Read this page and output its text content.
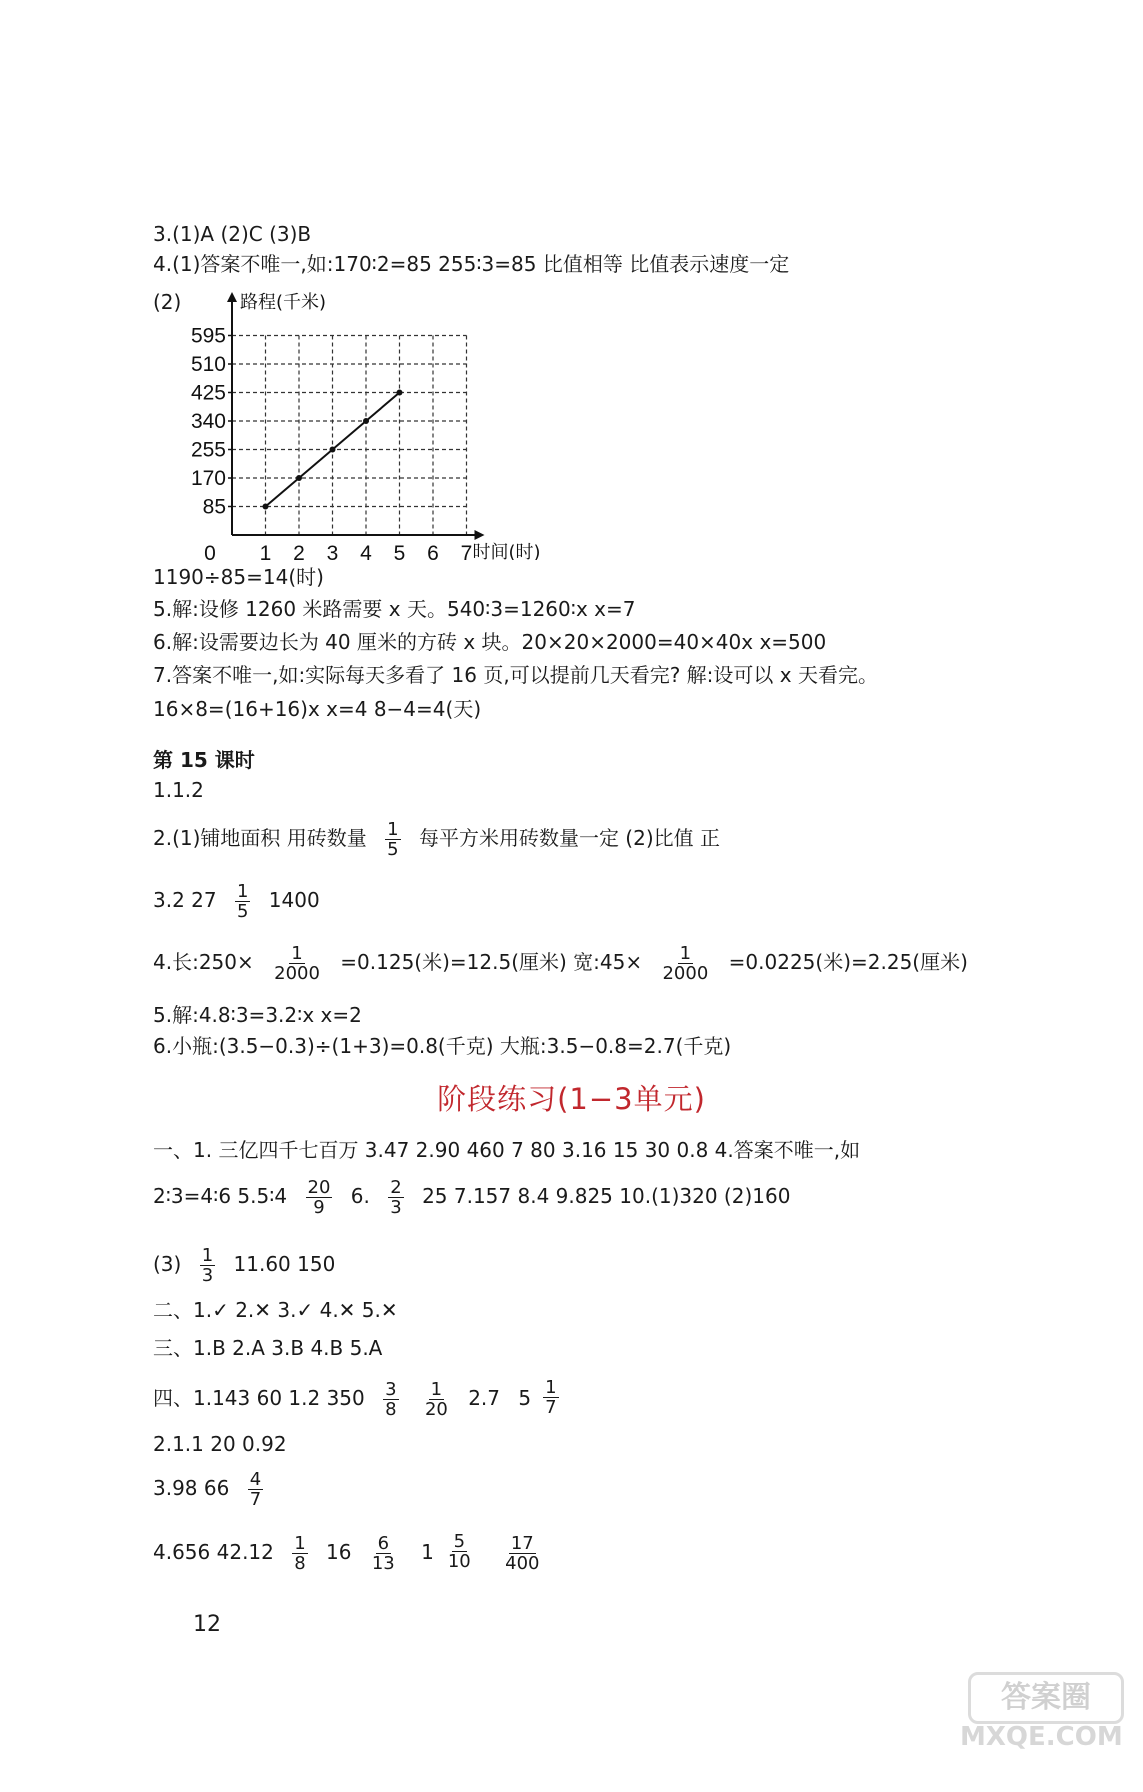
3.(1)A (2)C (3)B
4.(1)答案不唯一,如:170∶2=85 255∶3=85 比值相等 比值表示速度一定
(2)
85
170
255
340
425
510
595
0 1 2 3 4 5 6 7
路程(千米)
时间(时)
1190÷85=14(时)
5.解:设修 1260 米路需要 x 天。540∶3=1260∶x x=7
6.解:设需要边长为 40 厘米的方砖 x 块。20×20×2000=40×40x x=500
7.答案不唯一,如:实际每天多看了 16 页,可以提前几天看完? 解:设可以 x 天看完。
16×8=(16+16)x x=4 8−4=4(天)
第 15 课时
1.1.2
2.(1)铺地面积 用砖数量 $\frac{1}{5}$ 每平方米用砖数量一定 (2)比值 正
3.2 $27 \frac{1}{5} 1400$
4.长:250× $\frac{1}{2000} =0.125$(米)=12.5(厘米) 宽:45× $\frac{1}{2000} =0.0225$(米)=2.25(厘米)
5.解:4.8∶3=3.2∶x x=2
6.小瓶:(3.5−0.3)÷(1+3)=0.8(千克) 大瓶:3.5−0.8=2.7(千克)
阶段练习(1−3单元)
一、1. 三亿四千七百万 3.47 2.90 460 7 80 3.16 15 30 0.8 4.答案不唯一,如
2∶3=4∶6 5.5∶4 $\frac{20}{9} 6$. $\frac{2}{3} 25$ 7.157 8.4 9.825 10.(1)320 (2)160
$(3) \frac{1}{3} 11.60$ 150
二、1.✓ 2.✕ 3.✓ 4.✕ 5.✕
三、1.B 2.A 3.B 4.B 5.A
四、1.143 60 1.2 $350 \frac{3}{8}$
$\frac{1}{20} 2.7$ $5 \frac{1}{7}$
2.1.1 20 0.92
3.98 $66 \frac{4}{7}$
4.656 $42.12 \frac{1}{8} 16 \frac{6}{13}$
$1 \frac{5}{10}$
$\frac{17}{400}$
12
答案圈
MXQE.COM
